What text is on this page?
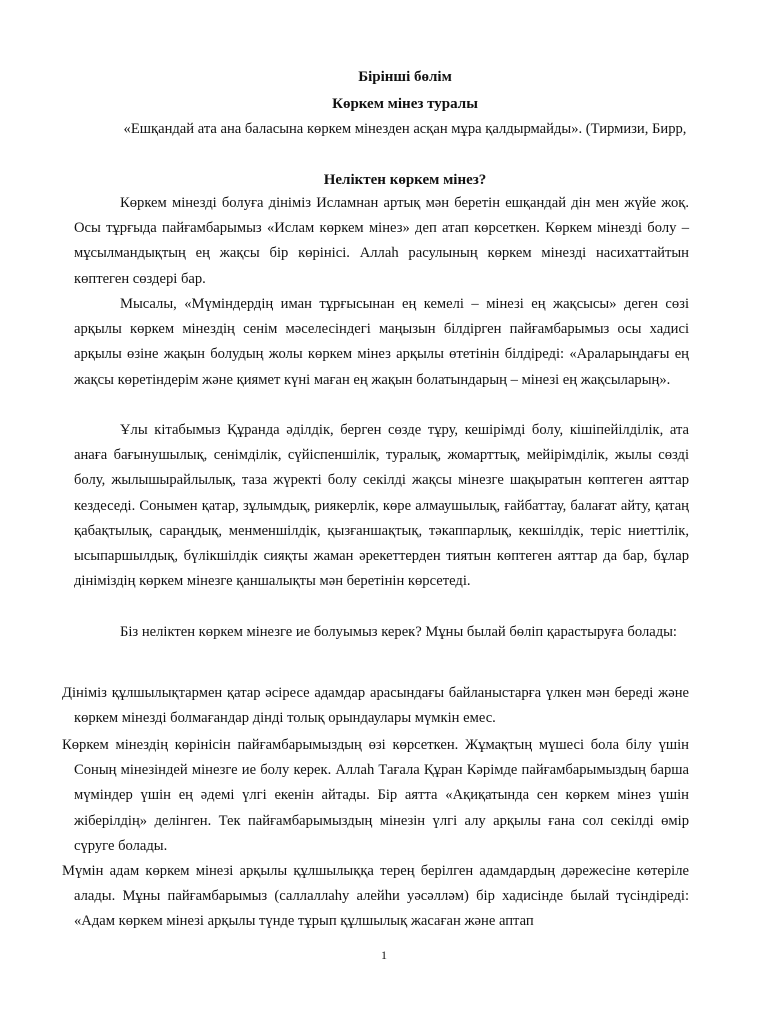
Бірінші бөлім

Көркем мінез туралы

«Ешқандай ата ана баласына көркем мінезден асқан мұра қалдырмайды». (Тирмизи, Бирр,

Неліктен көркем мінез?

Көркем мінезді болуға дініміз Исламнан артық мән беретін ешқандай дін мен жүйе жоқ. Осы тұрғыда пайғамбарымыз «Ислам көркем мінез» деп атап көрсеткен. Көркем мінезді болу ‒ мұсылмандықтың ең жақсы бір көрінісі. Аллаһ расулының көркем мінезді насихаттайтын көптеген сөздері бар.

Мысалы, «Мүміндердің иман тұрғысынан ең кемелі ‒ мінезі ең жақсысы» деген сөзі арқылы көркем мінездің сенім мәселесіндегі маңызын білдірген пайғамбарымыз осы хадисі арқылы өзіне жақын болудың жолы көркем мінез арқылы өтетінін білдіреді: «Араларыңдағы ең жақсы көретіндерім және қиямет күні маған ең жақын болатындарың ‒ мінезі ең жақсыларың».

Ұлы кітабымыз Құранда әділдік, берген сөзде тұру, кешірімді болу, кішіпейілділік, ата анаға бағынушылық, сенімділік, сүйіспеншілік, туралық, жомарттық, мейірімділік, жылы сөзді болу, жылышырайлылық, таза жүректі болу секілді жақсы мінезге шақыратын көптеген аяттар кездеседі. Сонымен қатар, зұлымдық, риякерлік, көре алмаушылық, ғайбаттау, балағат айту, қатаң қабақтылық, сараңдық, менменшілдік, қызғаншақтық, тәкаппарлық, кекшілдік, теріс ниеттілік, ысыпаршылдық, бүлікшілдік сияқты жаман әрекеттерден тиятын көптеген аяттар да бар, бұлар дініміздің көркем мінезге қаншалықты мән беретінін көрсетеді.

Біз неліктен көркем мінезге ие болуымыз керек? Мұны былай бөліп қарастыруға болады:

Дініміз құлшылықтармен қатар әсіресе адамдар арасындағы байланыстарға үлкен мән береді және көркем мінезді болмағандар дінді толық орындаулары мүмкін емес.

Көркем мінездің көрінісін пайғамбарымыздың өзі көрсеткен. Жұмақтың мүшесі бола білу үшін Соның мінезіндей мінезге ие болу керек. Аллаһ Тағала Құран Кәрімде пайғамбарымыздың барша мүміндер үшін ең әдемі үлгі екенін айтады. Бір аятта «Ақиқатында сен көркем мінез үшін жіберілдің» делінген. Тек пайғамбарымыздың мінезін үлгі алу арқылы ғана сол секілді өмір сүруге болады.

Мүмін адам көркем мінезі арқылы құлшылыққа терең берілген адамдардың дәрежесіне көтеріле алады. Мұны пайғамбарымыз (саллаллаһу алейһи уәсәлләм) бір хадисінде былай түсіндіреді: «Адам көркем мінезі арқылы түнде тұрып құлшылық жасаған және аптап

1
